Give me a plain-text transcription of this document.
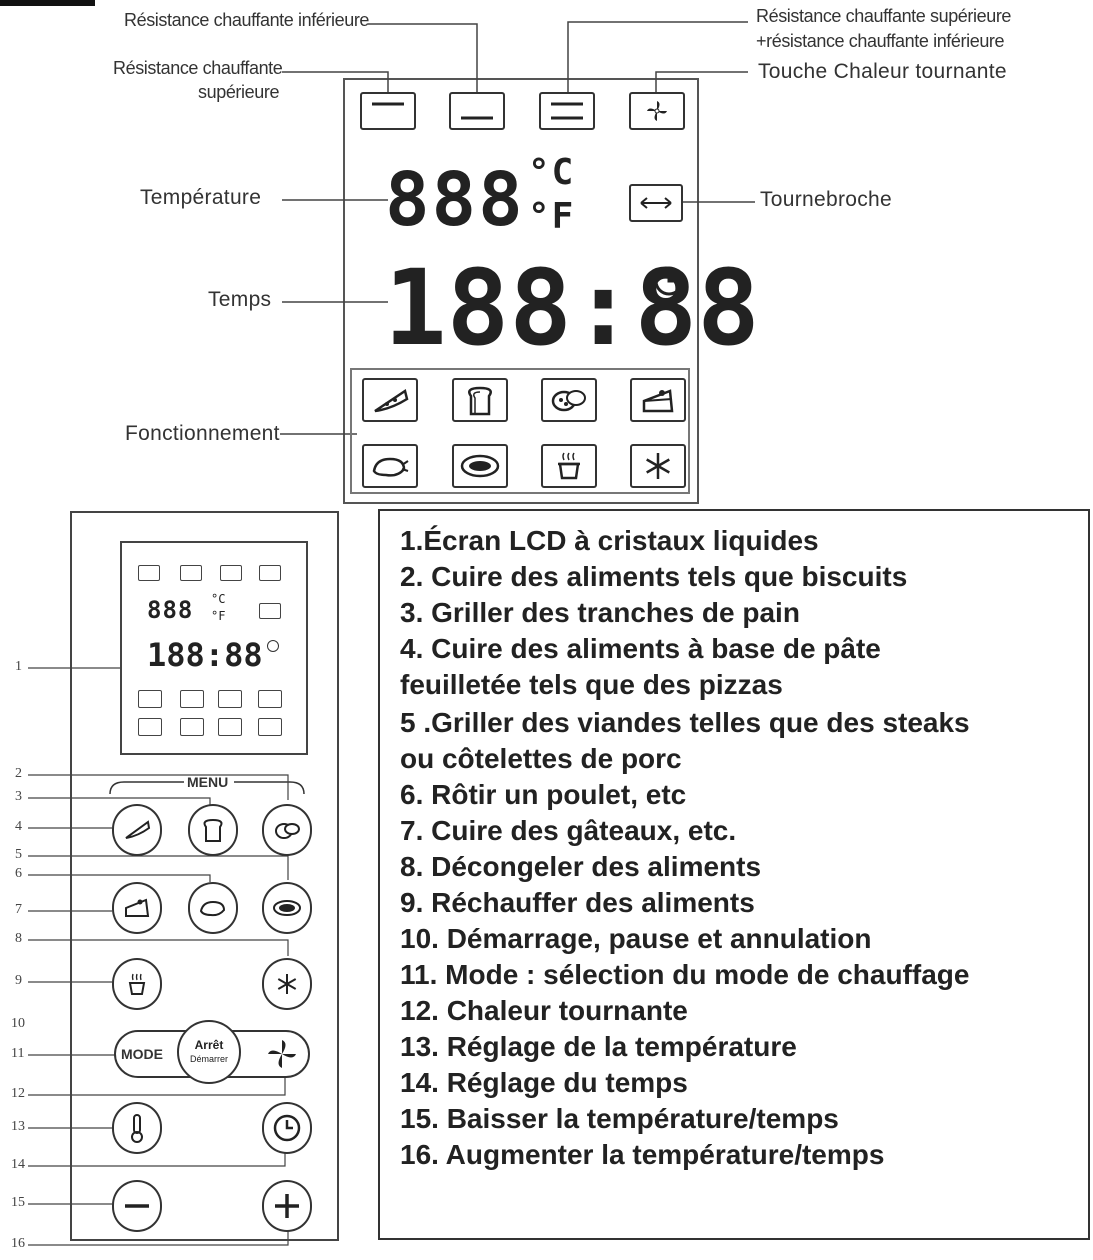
Résistance chauffante inférieure
Résistance chauffante
supérieure
Résistance chauffante supérieure
+résistance chauffante inférieure
Touche Chaleur tournante
Température	Tournebroche
Temps
Fonctionnement
888 °C
°F
188:88
888 °C
°F
188:88
MENU
1
2
3
4
5
6
7
8
9
10
11
12
13
14
15
16
MODE
Arrêt
Démarrer

1.Écran LCD à cristaux liquides

2. Cuire des aliments tels que biscuits

3. Griller des tranches de pain

4. Cuire des aliments à base de pâte

feuilletée tels que des pizzas

5 .Griller des viandes telles que des steaks

ou côtelettes de porc

6. Rôtir un poulet, etc

7. Cuire des gâteaux, etc.

8. Décongeler des aliments

9. Réchauffer des aliments

10. Démarrage, pause et annulation

11. Mode : sélection du mode de chauffage

12. Chaleur tournante

13. Réglage de la température

14. Réglage du temps

15. Baisser la température/temps

16. Augmenter la température/temps
